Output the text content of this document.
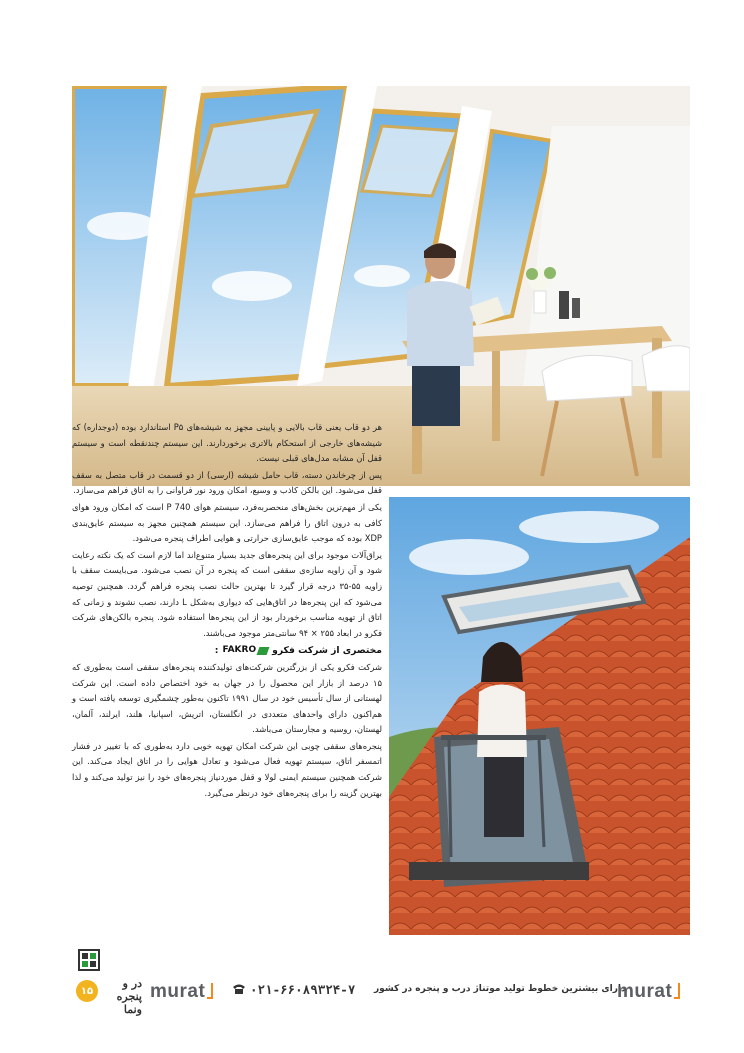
هر دو قاب یعنی قاب بالایی و پایینی مجهز به شیشه‌های P۵ استاندارد بوده (دوجداره) که شیشه‌های خارجی از استحکام بالاتری برخوردارند. این سیستم چندنقطه است و سیستم قفل آن مشابه مدل‌های قبلی نیست.

پس از چرخاندن دسته، قاب حامل شیشه (ارسی) از دو قسمت در قاب متصل به سقف قفل می‌شود. این بالکن کاذب و وسیع، امکان ورود نور فراوانی را به اتاق فراهم می‌سازد.

یکی از مهم‌ترین بخش‌های منحصربه‌فرد، سیستم هوای P 740 است که امکان ورود هوای کافی به درون اتاق را فراهم می‌سازد. این سیستم همچنین مجهز به سیستم عایق‌بندی XDP بوده که موجب عایق‌سازی حرارتی و هوایی اطراف پنجره می‌شود.

یراق‌آلات موجود برای این پنجره‌های جدید بسیار متنوع‌اند اما لازم است که یک نکته رعایت شود و آن زاویه سازه‌ی سقفی است که پنجره در آن نصب می‌شود. می‌بایست سقف با زاویه ۵۵-۳۵ درجه قرار گیرد تا بهترین حالت نصب پنجره فراهم گردد. همچنین توصیه می‌شود که این پنجره‌ها در اتاق‌هایی که دیواری به‌شکل L دارند، نصب نشوند و زمانی که اتاق از تهویه مناسب برخوردار بود از این پنجره‌ها استفاده شود. پنجره بالکن‌های شرکت فکرو در ابعاد ۲۵۵ × ۹۴ سانتی‌متر موجود می‌باشند.

مختصری از شرکت فکرو
FAKRO
:

شرکت فکرو یکی از بزرگترین شرکت‌های تولیدکننده پنجره‌های سقفی است به‌طوری که ۱۵ درصد از بازار این محصول را در جهان به خود اختصاص داده است. این شرکت لهستانی از سال تأسیس خود در سال ۱۹۹۱ تاکنون به‌طور چشمگیری توسعه یافته است و هم‌اکنون دارای واحدهای متعددی در انگلستان، اتریش، اسپانیا، هلند، ایرلند، آلمان، لهستان، روسیه و مجارستان می‌باشد.

پنجره‌های سقفی چوبی این شرکت امکان تهویه خوبی دارد به‌طوری که با تغییر در فشار اتمسفر اتاق، سیستم تهویه فعال می‌شود و تعادل هوایی را در اتاق ایجاد می‌کند. این شرکت همچنین سیستم ایمنی لولا و قفل موردنیاز پنجره‌های خود را نیز تولید می‌کند و لذا بهترین گزینه را برای پنجره‌های خود درنظر می‌گیرد.

۱۵
در و پنجره ونما
murat	۰۲۱-۶۶۰۸۹۳۲۴-۷ دارای بیشترین خطوط تولید موتناژ درب و پنجره در کشور
murat
